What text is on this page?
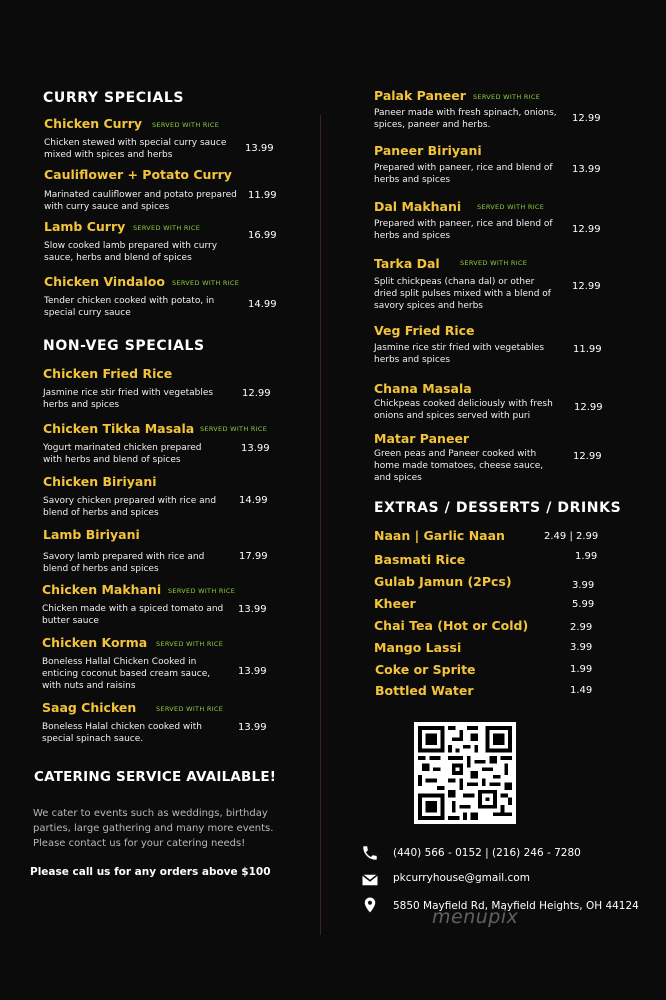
CURRY SPECIALS
Chicken Curry SERVED WITH RICE
Chicken stewed with special curry sauce mixed with spices and herbs
13.99
Cauliflower + Potato Curry
Marinated cauliflower and potato prepared with curry sauce and spices
11.99
Lamb Curry SERVED WITH RICE
Slow cooked lamb prepared with curry sauce, herbs and blend of spices
16.99
Chicken Vindaloo SERVED WITH RICE
Tender chicken cooked with potato, in special curry sauce
14.99
NON-VEG SPECIALS
Chicken Fried Rice
Jasmine rice stir fried with vegetables herbs and spices
12.99
Chicken Tikka Masala SERVED WITH RICE
Yogurt marinated chicken prepared with herbs and blend of spices
13.99
Chicken Biriyani
Savory chicken prepared with rice and blend of herbs and spices
14.99
Lamb Biriyani
Savory lamb prepared with rice and blend of herbs and spices
17.99
Chicken Makhani SERVED WITH RICE
Chicken made with a spiced tomato and butter sauce
13.99
Chicken Korma SERVED WITH RICE
Boneless Hallal Chicken Cooked in enticing coconut based cream sauce, with nuts and raisins
13.99
Saag Chicken	SERVED WITH RICE
Boneless Halal chicken cooked with special spinach sauce.
13.99
CATERING SERVICE AVAILABLE!
We cater to events such as weddings, birthday parties, large gathering and many more events. Please contact us for your catering needs!
Please call us for any orders above $100
Palak Paneer SERVED WITH RICE
Paneer made with fresh spinach, onions, spices, paneer and herbs.
12.99
Paneer Biriyani
Prepared with paneer, rice and blend of herbs and spices
13.99
Dal Makhani SERVED WITH RICE
Prepared with paneer, rice and blend of herbs and spices
12.99
Tarka Dal	SERVED WITH RICE
Split chickpeas (chana dal) or other dried split pulses mixed with a blend of savory spices and herbs
12.99
Veg Fried Rice
Jasmine rice stir fried with vegetables herbs and spices
11.99
Chana Masala
Chickpeas cooked deliciously with fresh onions and spices served with puri
12.99
Matar Paneer
Green peas and Paneer cooked with home made tomatoes, cheese sauce, and spices
12.99
EXTRAS / DESSERTS / DRINKS
Naan | Garlic Naan	2.49 | 2.99
Basmati Rice	1.99
Gulab Jamun (2Pcs)	3.99
Kheer	5.99
Chai Tea (Hot or Cold)	2.99
Mango Lassi	3.99
Coke or Sprite	1.99
Bottled Water	1.49
(440) 566 - 0152 | (216) 246 - 7280
pkcurryhouse@gmail.com
5850 Mayfield Rd, Mayfield Heights, OH 44124
menupix
